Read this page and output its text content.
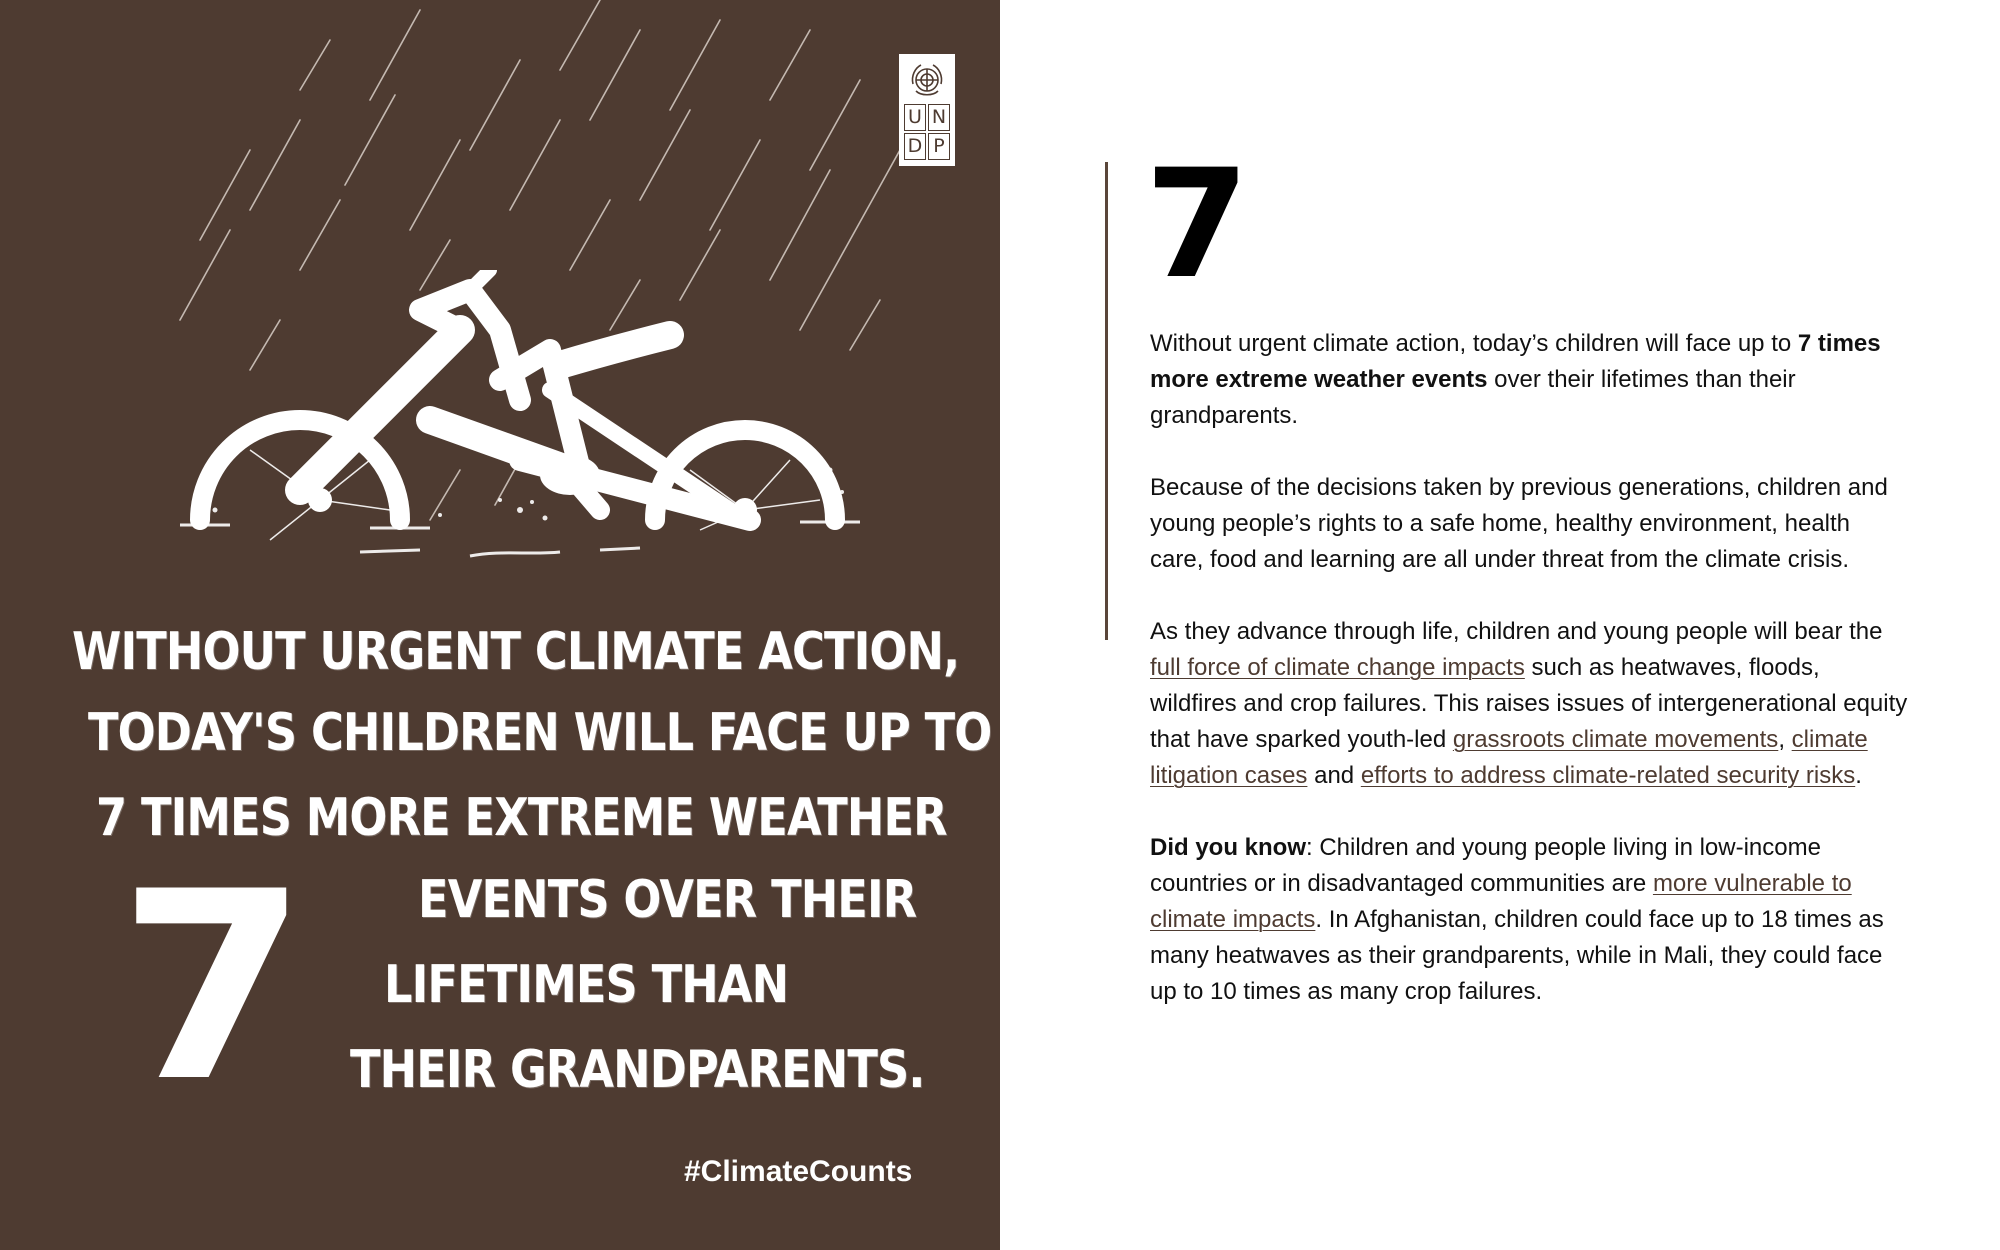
U N
D P
WITHOUT URGENT CLIMATE ACTION,
TODAY'S CHILDREN WILL FACE UP TO
7 TIMES MORE EXTREME WEATHER
EVENTS OVER THEIR
LIFETIMES THAN
THEIR GRANDPARENTS.
7
#ClimateCounts
7

Without urgent climate action, today’s children will face up to 7 times more extreme weather events over their lifetimes than their grandparents.

Because of the decisions taken by previous generations, children and young people’s rights to a safe home, healthy environment, health care, food and learning are all under threat from the climate crisis.

As they advance through life, children and young people will bear the full force of climate change impacts such as heatwaves, floods, wildfires and crop failures. This raises issues of intergenerational equity that have sparked youth-led grassroots climate movements, climate litigation cases and efforts to address climate-related security risks.

Did you know: Children and young people living in low-income countries or in disadvantaged communities are more vulnerable to climate impacts. In Afghanistan, children could face up to 18 times as many heatwaves as their grandparents, while in Mali, they could face up to 10 times as many crop failures.
